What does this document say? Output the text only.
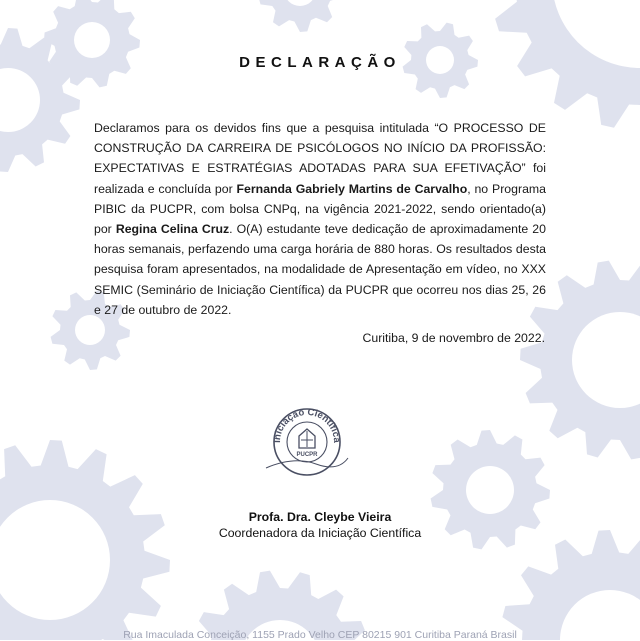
DECLARAÇÃO
Declaramos para os devidos fins que a pesquisa intitulada “O PROCESSO DE CONSTRUÇÃO DA CARREIRA DE PSICÓLOGOS NO INÍCIO DA PROFISSÃO: EXPECTATIVAS E ESTRATÉGIAS ADOTADAS PARA SUA EFETIVAÇÃO” foi realizada e concluída por Fernanda Gabriely Martins de Carvalho, no Programa PIBIC da PUCPR, com bolsa CNPq, na vigência 2021-2022, sendo orientado(a) por Regina Celina Cruz. O(A) estudante teve dedicação de aproximadamente 20 horas semanais, perfazendo uma carga horária de 880 horas. Os resultados desta pesquisa foram apresentados, na modalidade de Apresentação em vídeo, no XXX SEMIC (Seminário de Iniciação Científica) da PUCPR que ocorreu nos dias 25, 26 e 27 de outubro de 2022.
Curitiba, 9 de novembro de 2022.
Iniciação Científica
PUCPR
Profa. Dra. Cleybe Vieira
Coordenadora da Iniciação Científica
Rua Imaculada Conceição, 1155 Prado Velho CEP 80215 901 Curitiba Paraná Brasil
